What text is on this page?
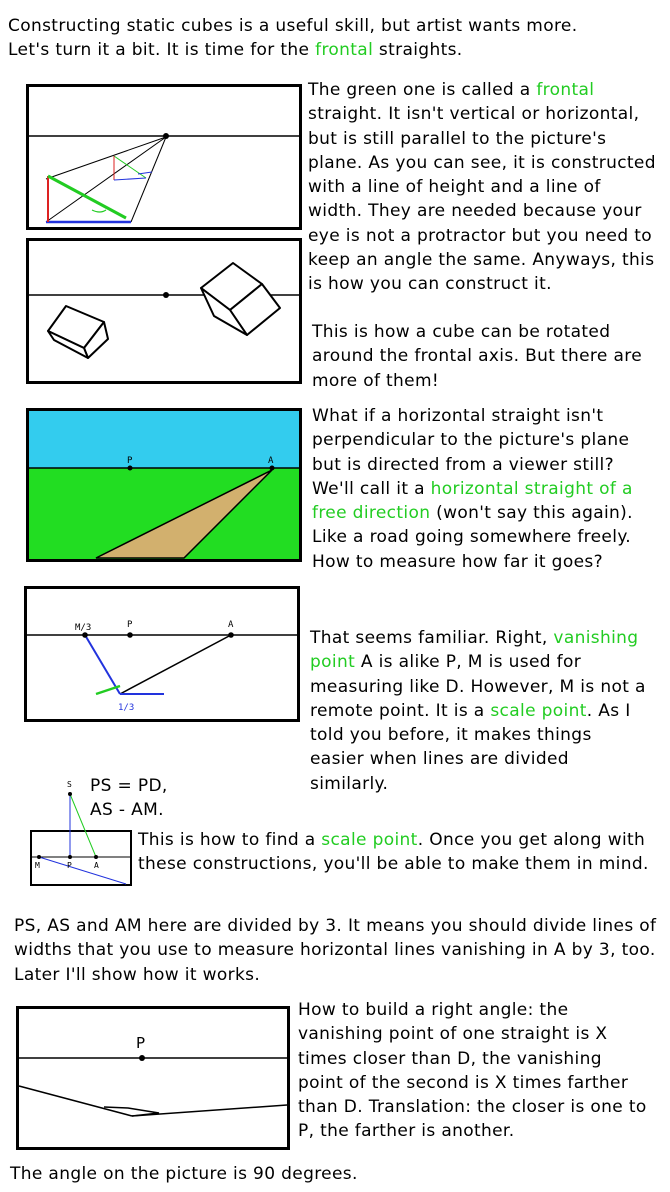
Constructing static cubes is a useful skill, but artist wants more.

Let's turn it a bit. It is time for the frontal straights.

The green one is called a frontal straight. It isn't vertical or horizontal, but is still parallel to the picture's plane. As you can see, it is constructed with a line of height and a line of width. They are needed because your eye is not a protractor but you need to keep an angle the same. Anyways, this is how you can construct it.

This is how a cube can be rotated around the frontal axis. But there are more of them!

P	A

What if a horizontal straight isn't perpendicular to the picture's plane but is directed from a viewer still? We'll call it a horizontal straight of a free direction (won't say this again). Like a road going somewhere freely. How to measure how far it goes?

M/3	P	A
1/3

That seems familiar. Right, vanishing point A is alike P, M is used for measuring like D. However, M is not a remote point. It is a scale point. As I told you before, it makes things easier when lines are divided similarly.

S
M	P	A

PS = PD,

AS - AM.

This is how to find a scale point. Once you get along with these constructions, you'll be able to make them in mind.

PS, AS and AM here are divided by 3. It means you should divide lines of widths that you use to measure horizontal lines vanishing in A by 3, too. Later I'll show how it works.

P

How to build a right angle: the vanishing point of one straight is X times closer than D, the vanishing point of the second is X times farther than D. Translation: the closer is one to P, the farther is another.

The angle on the picture is 90 degrees.
